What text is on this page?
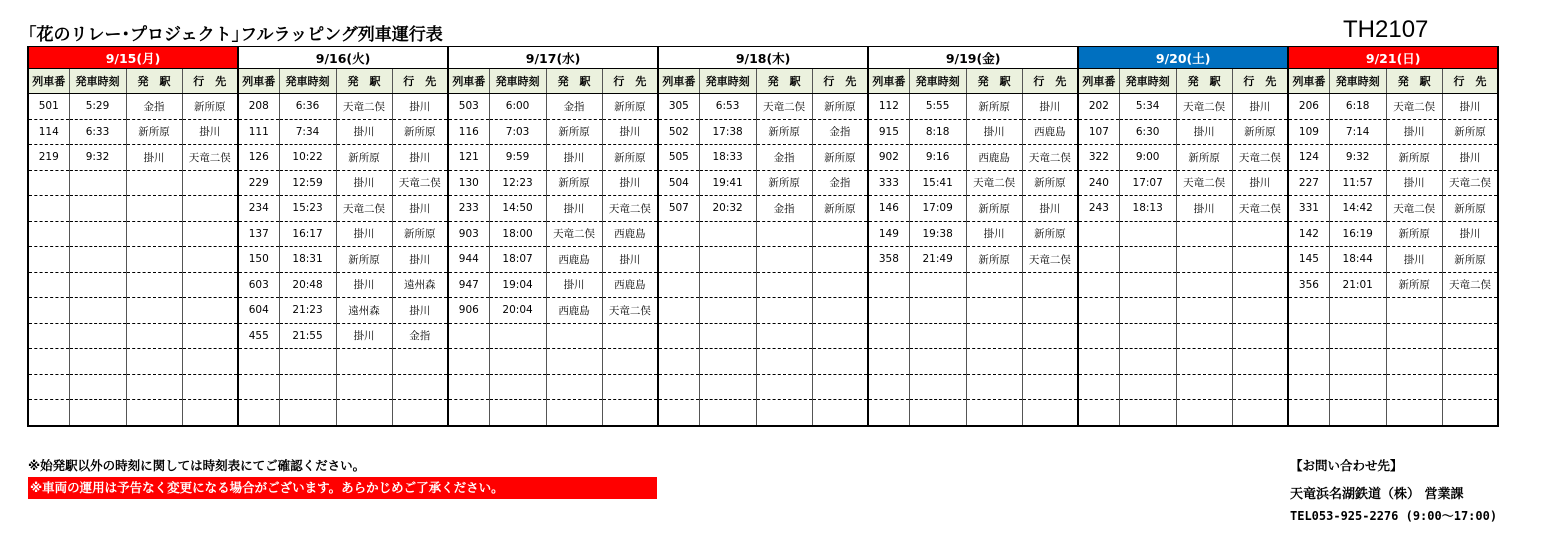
｢花のリレー･プロジェクト｣フルラッピング列車運行表	TH2107
9/15(月)				9/16(火)				9/17(水)				9/18(木)				9/19(金)				9/20(土)				9/21(日)			
列車番	発車時刻	発　駅	行　先	列車番	発車時刻	発　駅	行　先	列車番	発車時刻	発　駅	行　先	列車番	発車時刻	発　駅	行　先	列車番	発車時刻	発　駅	行　先	列車番	発車時刻	発　駅	行　先	列車番	発車時刻	発　駅	行　先
501	5:29	金指	新所原	208	6:36	天竜二俣	掛川	503	6:00	金指	新所原	305	6:53	天竜二俣	新所原	112	5:55	新所原	掛川	202	5:34	天竜二俣	掛川	206	6:18	天竜二俣	掛川
114	6:33	新所原	掛川	111	7:34	掛川	新所原	116	7:03	新所原	掛川	502	17:38	新所原	金指	915	8:18	掛川	西鹿島	107	6:30	掛川	新所原	109	7:14	掛川	新所原
219	9:32	掛川	天竜二俣	126	10:22	新所原	掛川	121	9:59	掛川	新所原	505	18:33	金指	新所原	902	9:16	西鹿島	天竜二俣	322	9:00	新所原	天竜二俣	124	9:32	新所原	掛川
				229	12:59	掛川	天竜二俣	130	12:23	新所原	掛川	504	19:41	新所原	金指	333	15:41	天竜二俣	新所原	240	17:07	天竜二俣	掛川	227	11:57	掛川	天竜二俣
				234	15:23	天竜二俣	掛川	233	14:50	掛川	天竜二俣	507	20:32	金指	新所原	146	17:09	新所原	掛川	243	18:13	掛川	天竜二俣	331	14:42	天竜二俣	新所原
				137	16:17	掛川	新所原	903	18:00	天竜二俣	西鹿島					149	19:38	掛川	新所原					142	16:19	新所原	掛川
				150	18:31	新所原	掛川	944	18:07	西鹿島	掛川					358	21:49	新所原	天竜二俣					145	18:44	掛川	新所原
				603	20:48	掛川	遠州森	947	19:04	掛川	西鹿島													356	21:01	新所原	天竜二俣
				604	21:23	遠州森	掛川	906	20:04	西鹿島	天竜二俣																
				455	21:55	掛川	金指																				

※始発駅以外の時刻に関しては時刻表にてご確認ください。
※車両の運用は予告なく変更になる場合がございます。あらかじめご了承ください。
【お問い合わせ先】
天竜浜名湖鉄道（株） 営業課
TEL053-925-2276 (9:00～17:00)
